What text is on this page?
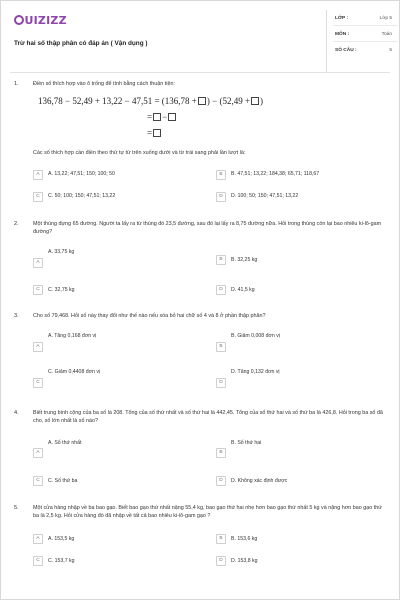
UIZIZZ
Trừ hai số thập phân có đáp án ( Vận dụng )
LỚP :	Lớp 5
MÔN :	Toán
SỐ CÂU :	5
1.	Điền số thích hợp vào ô trống để tính bằng cách thuận tiện:
136,78 − 52,49 + 13,22 − 47,51 = (136,78 + ) − (52,49 + )
= −
=
Các số thích hợp cần điền theo thứ tự từ trên xuống dưới và từ trái sang phải lần lượt là:
A	A. 13,22; 47,51; 150; 100; 50	B	B. 47,51; 13,22; 184,38; 65,71; 118,67
C	C. 50; 100; 150; 47,51; 13,22	D	D. 100; 50; 150; 47,51; 13,22
2.	Một thùng đựng 65 đường. Người ta lấy ra từ thùng đó 23,5 đường, sau đó lại lấy ra 8,75 đường nữa. Hỏi trong thùng còn lại bao nhiêu ki-lô-gam đường?
A
A. 33,75 kg
B	B. 32,25 kg
C	C. 32,75 kg	D	D. 41,5 kg
3.	Cho số 79,468. Hỏi số này thay đổi như thế nào nếu xóa bỏ hai chữ số 4 và 8 ở phần thập phân?
A. Tăng 0,168 đơn vị
A
B. Giảm 0,008 đơn vị
B
C. Giảm 0,4408 đơn vị
C
D. Tăng 0,132 đơn vị
D
4.	Biết trung bình cộng của ba số là 208. Tổng của số thứ nhất và số thứ hai là 442,45. Tổng của số thứ hai và số thứ ba là 426,8. Hỏi trong ba số đã cho, số lớn nhất là số nào?
A. Số thứ nhất
A
B. Số thứ hai
B
C	C. Số thứ ba	D	D. Không xác định được
5.	Một cửa hàng nhập về ba bao gạo. Biết bao gạo thứ nhất nặng 55,4 kg, bao gạo thứ hai nhẹ hơn bao gạo thứ nhất 5 kg và nặng hơn bao gạo thứ ba là 2,5 kg. Hỏi cửa hàng đó đã nhập về tất cả bao nhiêu ki-lô-gam gạo ?
A	A. 153,5 kg	B	B. 153,6 kg
C	C. 153,7 kg	D	D. 153,8 kg
